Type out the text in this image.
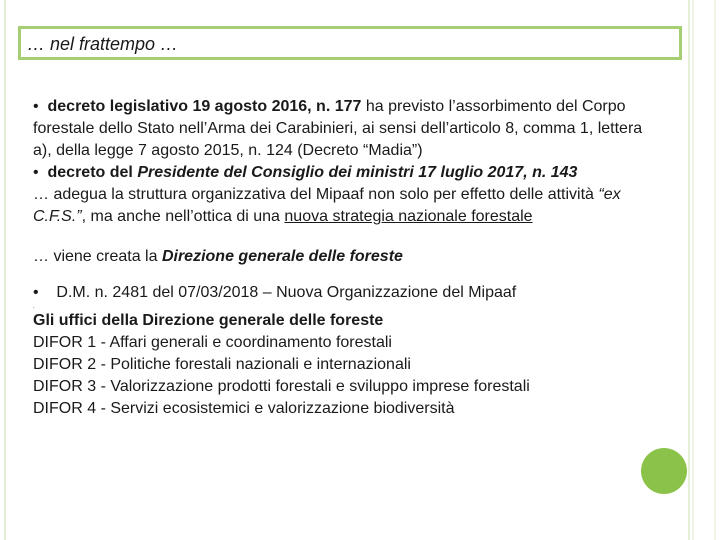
… nel frattempo …

• decreto legislativo 19 agosto 2016, n. 177 ha previsto l’assorbimento del Corpo forestale dello Stato nell’Arma dei Carabinieri, ai sensi dell’articolo 8, comma 1, lettera a), della legge 7 agosto 2015, n. 124 (Decreto “Madia”)

• decreto del Presidente del Consiglio dei ministri 17 luglio 2017, n. 143

… adegua la struttura organizzativa del Mipaaf non solo per effetto delle attività “ex C.F.S.”, ma anche nell’ottica di una nuova strategia nazionale forestale

… viene creata la Direzione generale delle foreste

• D.M. n. 2481 del 07/03/2018 – Nuova Organizzazione del Mipaaf

.

Gli uffici della Direzione generale delle foreste

DIFOR 1 - Affari generali e coordinamento forestali

DIFOR 2 - Politiche forestali nazionali e internazionali

DIFOR 3 - Valorizzazione prodotti forestali e sviluppo imprese forestali

DIFOR 4 - Servizi ecosistemici e valorizzazione biodiversità
